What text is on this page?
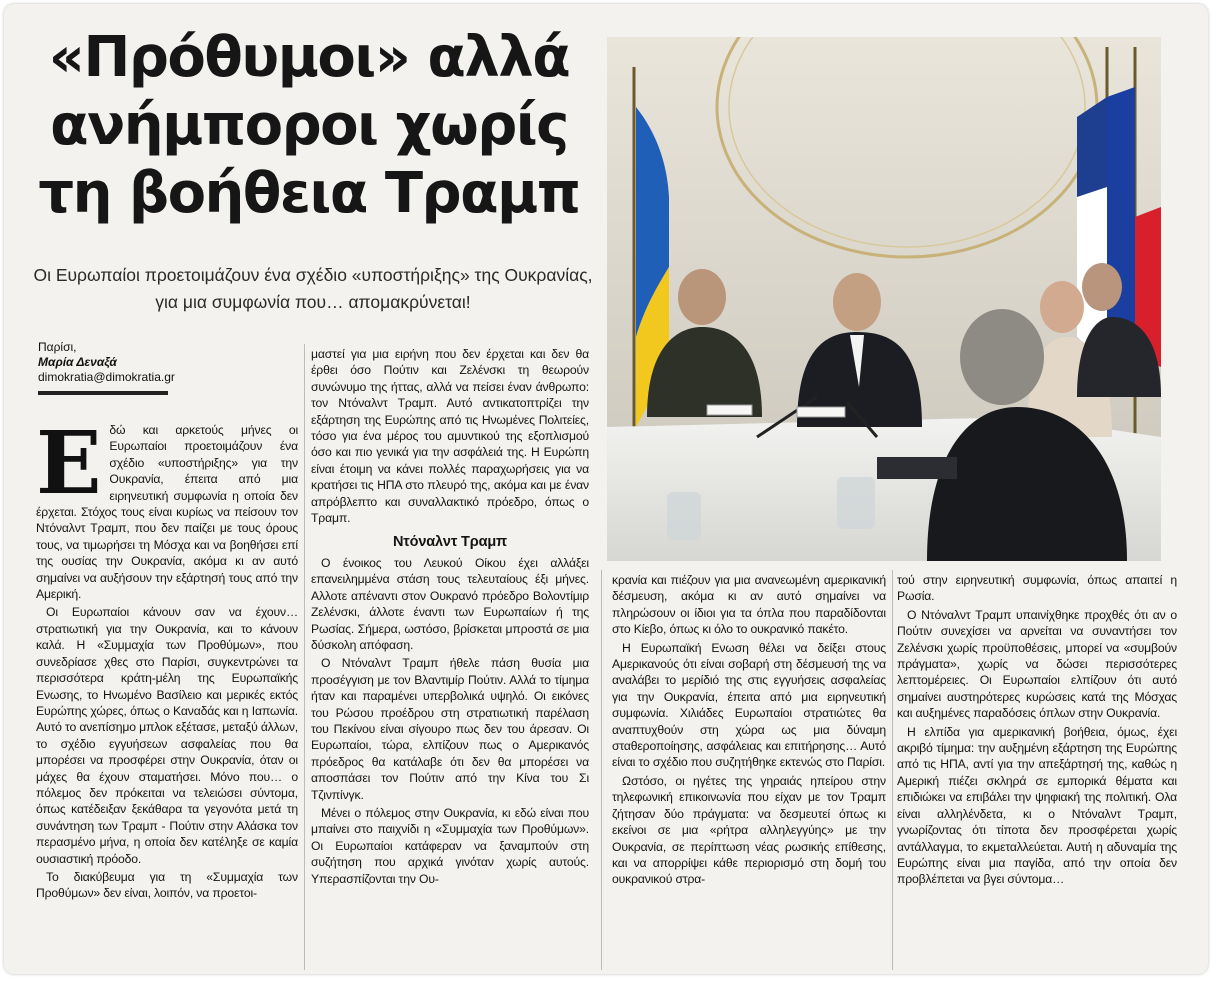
«Πρόθυμοι» αλλά ανήμποροι χωρίς τη βοήθεια Τραμπ

Οι Ευρωπαίοι προετοιμάζουν ένα σχέδιο «υποστήριξης» της Ουκρανίας, για μια συμφωνία που… απομακρύνεται!

Παρίσι,
Μαρία Δεναξά
dimokratia@dimokratia.gr

Εδώ και αρκετούς μήνες οι Ευρωπαίοι προετοιμάζουν ένα σχέδιο «υποστήριξης» για την Ουκρανία, έπειτα από μια ειρηνευτική συμφωνία η οποία δεν έρχεται. Στόχος τους είναι κυρίως να πείσουν τον Ντόναλντ Τραμπ, που δεν παίζει με τους όρους τους, να τιμωρήσει τη Μόσχα και να βοηθήσει επί της ουσίας την Ουκρανία, ακόμα κι αν αυτό σημαίνει να αυξήσουν την εξάρτησή τους από την Αμερική.

Οι Ευρωπαίοι κάνουν σαν να έχουν… στρατιωτική για την Ουκρανία, και το κάνουν καλά. Η «Συμμαχία των Προθύμων», που συνεδρίασε χθες στο Παρίσι, συγκεντρώνει τα περισσότερα κράτη-μέλη της Ευρωπαϊκής Ενωσης, το Ηνωμένο Βασίλειο και μερικές εκτός Ευρώπης χώρες, όπως ο Καναδάς και η Ιαπωνία. Αυτό το ανεπίσημο μπλοκ εξέτασε, μεταξύ άλλων, το σχέδιο εγγυήσεων ασφαλείας που θα μπορέσει να προσφέρει στην Ουκρανία, όταν οι μάχες θα έχουν σταματήσει. Μόνο που… ο πόλεμος δεν πρόκειται να τελειώσει σύντομα, όπως κατέδειξαν ξεκάθαρα τα γεγονότα μετά τη συνάντηση των Τραμπ - Πούτιν στην Αλάσκα τον περασμένο μήνα, η οποία δεν κατέληξε σε καμία ουσιαστική πρόοδο.

Το διακύβευμα για τη «Συμμαχία των Προθύμων» δεν είναι, λοιπόν, να προετοι-

μαστεί για μια ειρήνη που δεν έρχεται και δεν θα έρθει όσο Πούτιν και Ζελένσκι τη θεωρούν συνώνυμο της ήττας, αλλά να πείσει έναν άνθρωπο: τον Ντόναλντ Τραμπ. Αυτό αντικατοπτρίζει την εξάρτηση της Ευρώπης από τις Ηνωμένες Πολιτείες, τόσο για ένα μέρος του αμυντικού της εξοπλισμού όσο και πιο γενικά για την ασφάλειά της. Η Ευρώπη είναι έτοιμη να κάνει πολλές παραχωρήσεις για να κρατήσει τις ΗΠΑ στο πλευρό της, ακόμα και με έναν απρόβλεπτο και συναλλακτικό πρόεδρο, όπως ο Τραμπ.

Ντόναλντ Τραμπ

Ο ένοικος του Λευκού Οίκου έχει αλλάξει επανειλημμένα στάση τους τελευταίους έξι μήνες. Αλλοτε απέναντι στον Ουκρανό πρόεδρο Βολοντίμιρ Ζελένσκι, άλλοτε έναντι των Ευρωπαίων ή της Ρωσίας. Σήμερα, ωστόσο, βρίσκεται μπροστά σε μια δύσκολη απόφαση.

Ο Ντόναλντ Τραμπ ήθελε πάση θυσία μια προσέγγιση με τον Βλαντιμίρ Πούτιν. Αλλά το τίμημα ήταν και παραμένει υπερβολικά υψηλό. Οι εικόνες του Ρώσου προέδρου στη στρατιωτική παρέλαση του Πεκίνου είναι σίγουρο πως δεν του άρεσαν. Οι Ευρωπαίοι, τώρα, ελπίζουν πως ο Αμερικανός πρόεδρος θα κατάλαβε ότι δεν θα μπορέσει να αποσπάσει τον Πούτιν από την Κίνα του Σι Τζινπίνγκ.

Μένει ο πόλεμος στην Ουκρανία, κι εδώ είναι που μπαίνει στο παιχνίδι η «Συμμαχία των Προθύμων». Οι Ευρωπαίοι κατάφεραν να ξαναμπούν στη συζήτηση που αρχικά γινόταν χωρίς αυτούς. Υπερασπίζονται την Ου-

κρανία και πιέζουν για μια ανανεωμένη αμερικανική δέσμευση, ακόμα κι αν αυτό σημαίνει να πληρώσουν οι ίδιοι για τα όπλα που παραδίδονται στο Κίεβο, όπως κι όλο το ουκρανικό πακέτο.

Η Ευρωπαϊκή Ενωση θέλει να δείξει στους Αμερικανούς ότι είναι σοβαρή στη δέσμευσή της να αναλάβει το μερίδιό της στις εγγυήσεις ασφαλείας για την Ουκρανία, έπειτα από μια ειρηνευτική συμφωνία. Χιλιάδες Ευρωπαίοι στρατιώτες θα αναπτυχθούν στη χώρα ως μια δύναμη σταθεροποίησης, ασφάλειας και επιτήρησης… Αυτό είναι το σχέδιο που συζητήθηκε εκτενώς στο Παρίσι.

Ωστόσο, οι ηγέτες της γηραιάς ηπείρου στην τηλεφωνική επικοινωνία που είχαν με τον Τραμπ ζήτησαν δύο πράγματα: να δεσμευτεί όπως κι εκείνοι σε μια «ρήτρα αλληλεγγύης» με την Ουκρανία, σε περίπτωση νέας ρωσικής επίθεσης, και να απορρίψει κάθε περιορισμό στη δομή του ουκρανικού στρα-

τού στην ειρηνευτική συμφωνία, όπως απαιτεί η Ρωσία.

Ο Ντόναλντ Τραμπ υπαινίχθηκε προχθές ότι αν ο Πούτιν συνεχίσει να αρνείται να συναντήσει τον Ζελένσκι χωρίς προϋποθέσεις, μπορεί να «συμβούν πράγματα», χωρίς να δώσει περισσότερες λεπτομέρειες. Οι Ευρωπαίοι ελπίζουν ότι αυτό σημαίνει αυστηρότερες κυρώσεις κατά της Μόσχας και αυξημένες παραδόσεις όπλων στην Ουκρανία.

Η ελπίδα για αμερικανική βοήθεια, όμως, έχει ακριβό τίμημα: την αυξημένη εξάρτηση της Ευρώπης από τις ΗΠΑ, αντί για την απεξάρτησή της, καθώς η Αμερική πιέζει σκληρά σε εμπορικά θέματα και επιδιώκει να επιβάλει την ψηφιακή της πολιτική. Ολα είναι αλληλένδετα, κι ο Ντόναλντ Τραμπ, γνωρίζοντας ότι τίποτα δεν προσφέρεται χωρίς αντάλλαγμα, το εκμεταλλεύεται. Αυτή η αδυναμία της Ευρώπης είναι μια παγίδα, από την οποία δεν προβλέπεται να βγει σύντομα…
